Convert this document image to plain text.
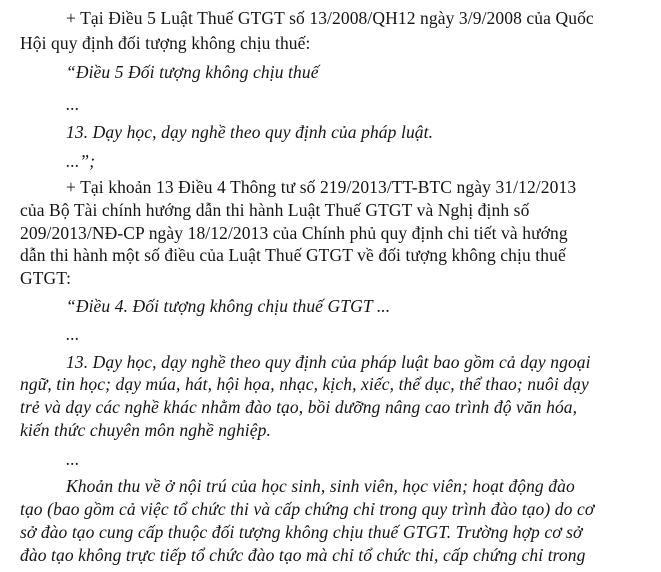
+ Tại Điều 5 Luật Thuế GTGT số 13/2008/QH12 ngày 3/9/2008 của Quốc
Hội quy định đối tượng không chịu thuế:
“Điều 5 Đối tượng không chịu thuế
...
13. Dạy học, dạy nghề theo quy định của pháp luật.
...”;
+ Tại khoản 13 Điều 4 Thông tư số 219/2013/TT-BTC ngày 31/12/2013
của Bộ Tài chính hướng dẫn thi hành Luật Thuế GTGT và Nghị định số
209/2013/NĐ-CP ngày 18/12/2013 của Chính phủ quy định chi tiết và hướng
dẫn thi hành một số điều của Luật Thuế GTGT về đối tượng không chịu thuế
GTGT:
“Điều 4. Đối tượng không chịu thuế GTGT ...
...
13. Dạy học, dạy nghề theo quy định của pháp luật bao gồm cả dạy ngoại
ngữ, tin học; dạy múa, hát, hội họa, nhạc, kịch, xiếc, thể dục, thể thao; nuôi dạy
trẻ và dạy các nghề khác nhằm đào tạo, bồi dưỡng nâng cao trình độ văn hóa,
kiến thức chuyên môn nghề nghiệp.
...
Khoản thu về ở nội trú của học sinh, sinh viên, học viên; hoạt động đào
tạo (bao gồm cả việc tổ chức thi và cấp chứng chỉ trong quy trình đào tạo) do cơ
sở đào tạo cung cấp thuộc đối tượng không chịu thuế GTGT. Trường hợp cơ sở
đào tạo không trực tiếp tổ chức đào tạo mà chỉ tổ chức thi, cấp chứng chỉ trong
